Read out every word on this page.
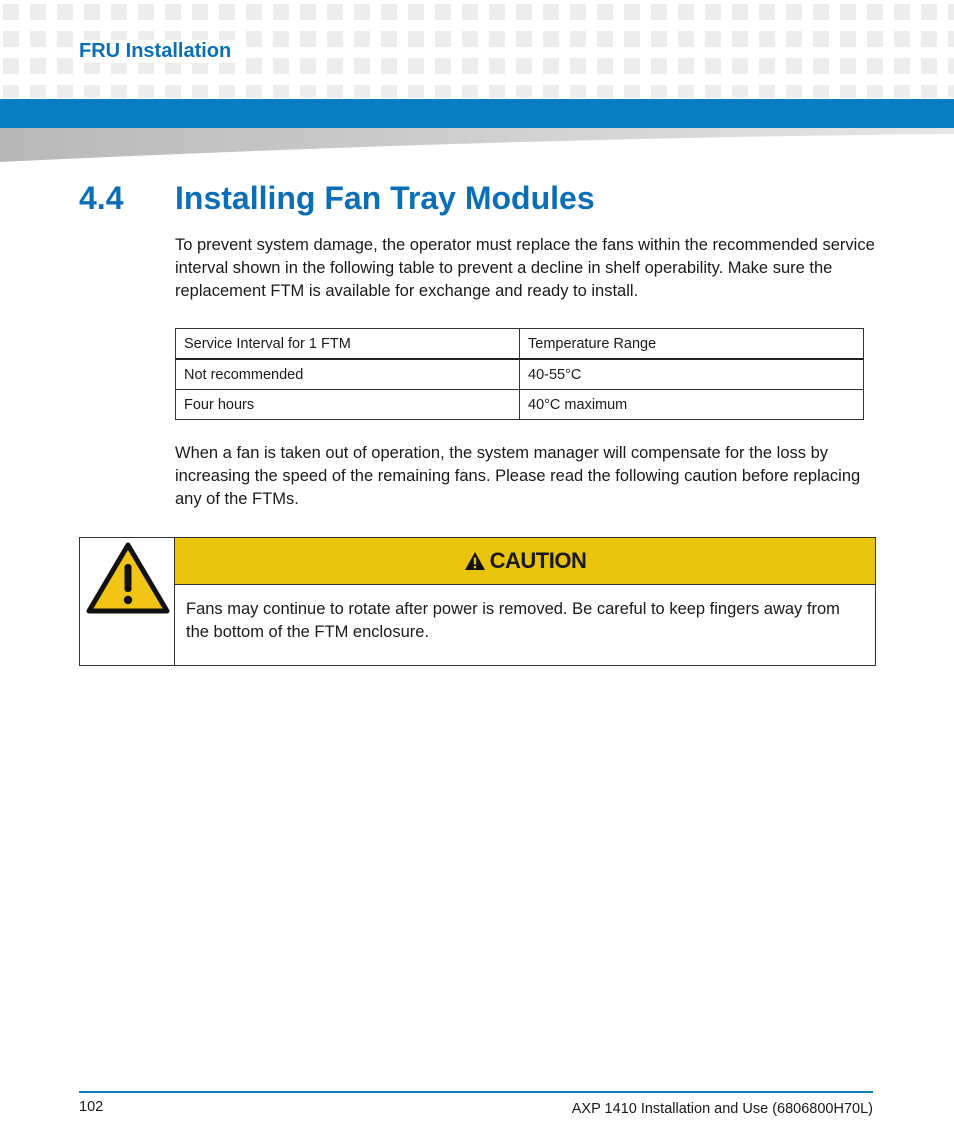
FRU Installation
4.4	Installing Fan Tray Modules
To prevent system damage, the operator must replace the fans within the recommended service interval shown in the following table to prevent a decline in shelf operability. Make sure the replacement FTM is available for exchange and ready to install.
Service Interval for 1 FTM	Temperature Range
Not recommended	40-55°C
Four hours	40°C maximum
When a fan is taken out of operation, the system manager will compensate for the loss by increasing the speed of the remaining fans. Please read the following caution before replacing any of the FTMs.
CAUTION
Fans may continue to rotate after power is removed. Be careful to keep fingers away from the bottom of the FTM enclosure.
102	AXP 1410 Installation and Use (6806800H70L)
